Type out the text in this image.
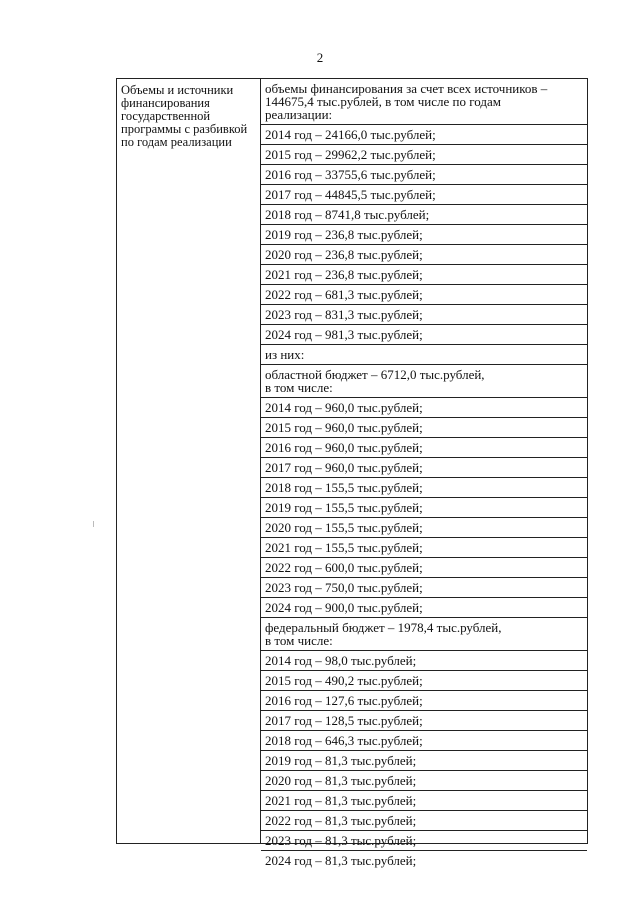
2
Объемы и источники
финансирования
государственной
программы с разбивкой
по годам реализации
объемы финансирования за счет всех источников –
144675,4 тыс.рублей, в том числе по годам
реализации:
2014 год – 24166,0 тыс.рублей;
2015 год – 29962,2 тыс.рублей;
2016 год – 33755,6 тыс.рублей;
2017 год – 44845,5 тыс.рублей;
2018 год – 8741,8 тыс.рублей;
2019 год – 236,8 тыс.рублей;
2020 год – 236,8 тыс.рублей;
2021 год – 236,8 тыс.рублей;
2022 год – 681,3 тыс.рублей;
2023 год – 831,3 тыс.рублей;
2024 год – 981,3 тыс.рублей;
из них:
областной бюджет – 6712,0 тыс.рублей,
в том числе:
2014 год – 960,0 тыс.рублей;
2015 год – 960,0 тыс.рублей;
2016 год – 960,0 тыс.рублей;
2017 год – 960,0 тыс.рублей;
2018 год – 155,5 тыс.рублей;
2019 год – 155,5 тыс.рублей;
2020 год – 155,5 тыс.рублей;
2021 год – 155,5 тыс.рублей;
2022 год – 600,0 тыс.рублей;
2023 год – 750,0 тыс.рублей;
2024 год – 900,0 тыс.рублей;
федеральный бюджет – 1978,4 тыс.рублей,
в том числе:
2014 год – 98,0 тыс.рублей;
2015 год – 490,2 тыс.рублей;
2016 год – 127,6 тыс.рублей;
2017 год – 128,5 тыс.рублей;
2018 год – 646,3 тыс.рублей;
2019 год – 81,3 тыс.рублей;
2020 год – 81,3 тыс.рублей;
2021 год – 81,3 тыс.рублей;
2022 год – 81,3 тыс.рублей;
2023 год – 81,3 тыс.рублей;
2024 год – 81,3 тыс.рублей;
